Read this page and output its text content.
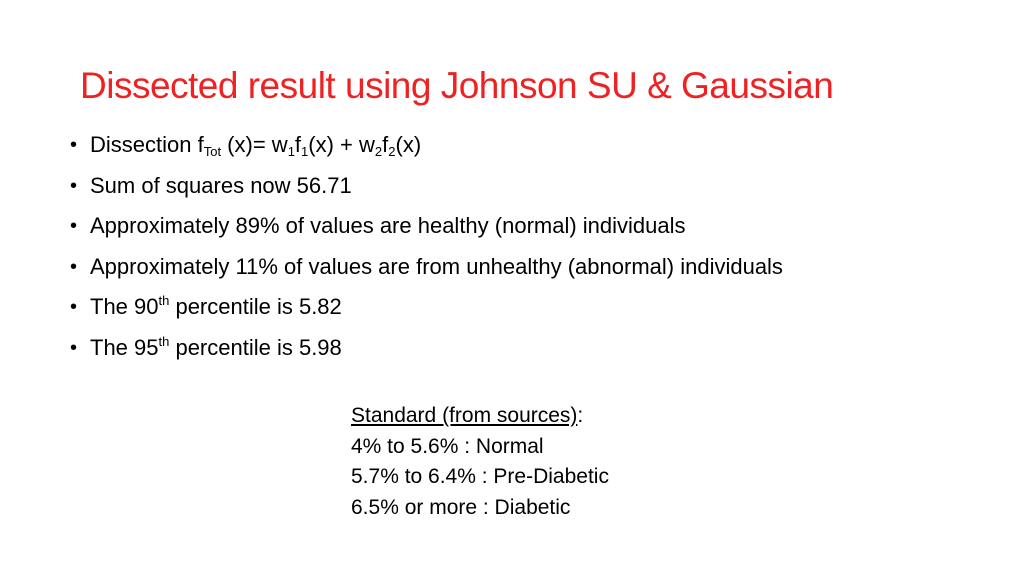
Dissected result using Johnson SU & Gaussian
• Dissection $f_{Tot}$ $(x)= w_1f_1(x) + w_2f_2(x)$
• Sum of squares now 56.71
• Approximately 89% of values are healthy (normal) individuals
• Approximately 11% of values are from unhealthy (abnormal) individuals
• The 90th percentile is 5.82
• The 95th percentile is 5.98
Standard (from sources):
4% to 5.6% : Normal
5.7% to 6.4% : Pre-Diabetic
6.5% or more : Diabetic
